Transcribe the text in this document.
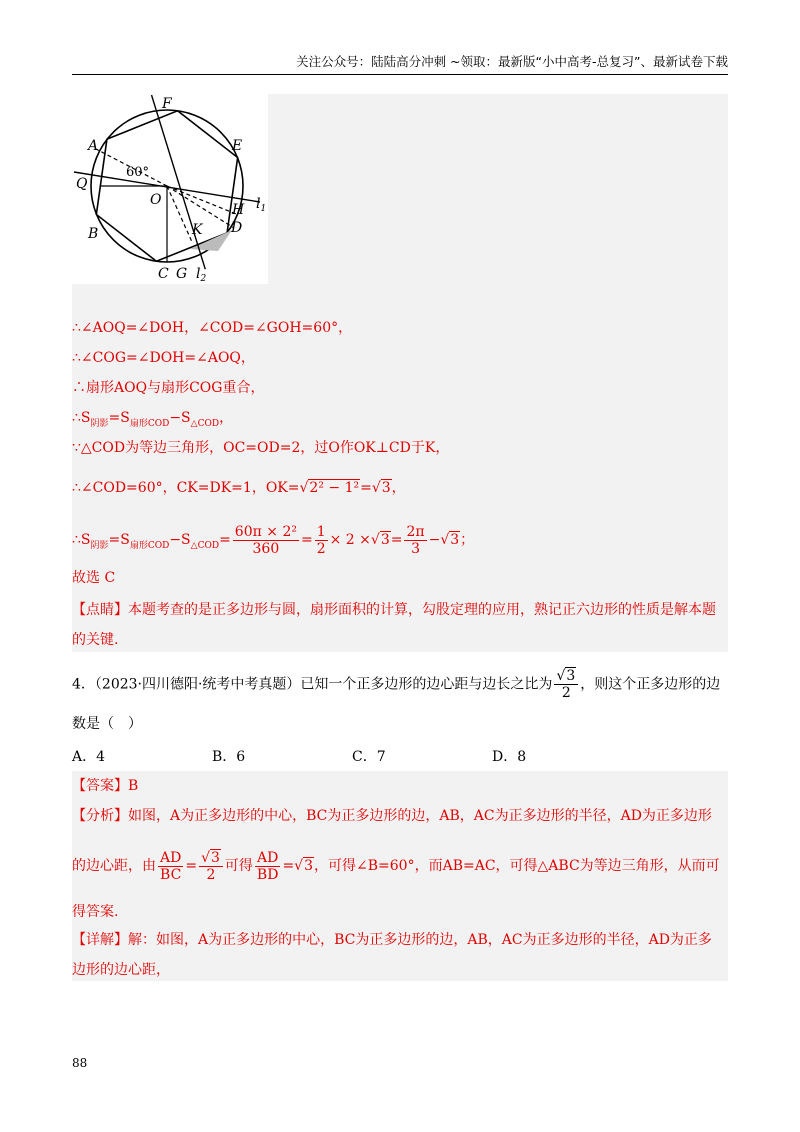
关注公众号：陆陆高分冲刺 ~领取：最新版“小中高考-总复习”、最新试卷下载
F
E
A
Q
60°
O
H $l_1$
D
B	K
C G $l_2$
∴∠AOQ=∠DOH，∠COD=∠GOH=60°，
∴∠COG=∠DOH=∠AOQ，
∴扇形AOQ与扇形COG重合，
$\therefore S_{阴影}=S_{扇形COD}-S_{\triangle COD}$，
∵△COD为等边三角形，OC=OD=2，过O作OK⊥CD于K，
∴∠COD=60°，CK=DK=1，OK=√2² − 1²=√3，
$\therefore S_{阴影}=S_{扇形COD}-S_{\triangle COD}= \frac{\text{60π × 2²}}{360} = \frac{1}{2} \times 2 \times√3= \frac{2\pi}{3} -√3$；
故选 C
【点睛】本题考查的是正多边形与圆，扇形面积的计算，勾股定理的应用，熟记正六边形的性质是解本题
的关键.
4．（2023·四川德阳·统考中考真题）已知一个正多边形的边心距与边长之比为 $\frac{√3}{2}$ ，则这个正多边形的边
数是（　）
A．4	B．6	C．7	D．8
【答案】B
【分析】如图，A为正多边形的中心，BC为正多边形的边，AB，AC为正多边形的半径，AD为正多边形
的边心距，由 $\frac{AD}{BC} = \frac{√3}{2}$ 可得 $\frac{AD}{BD} =√3$，可得∠B=60°，而AB=AC，可得△ABC为等边三角形，从而可
得答案.
【详解】解：如图，A为正多边形的中心，BC为正多边形的边，AB，AC为正多边形的半径，AD为正多
边形的边心距，
88
